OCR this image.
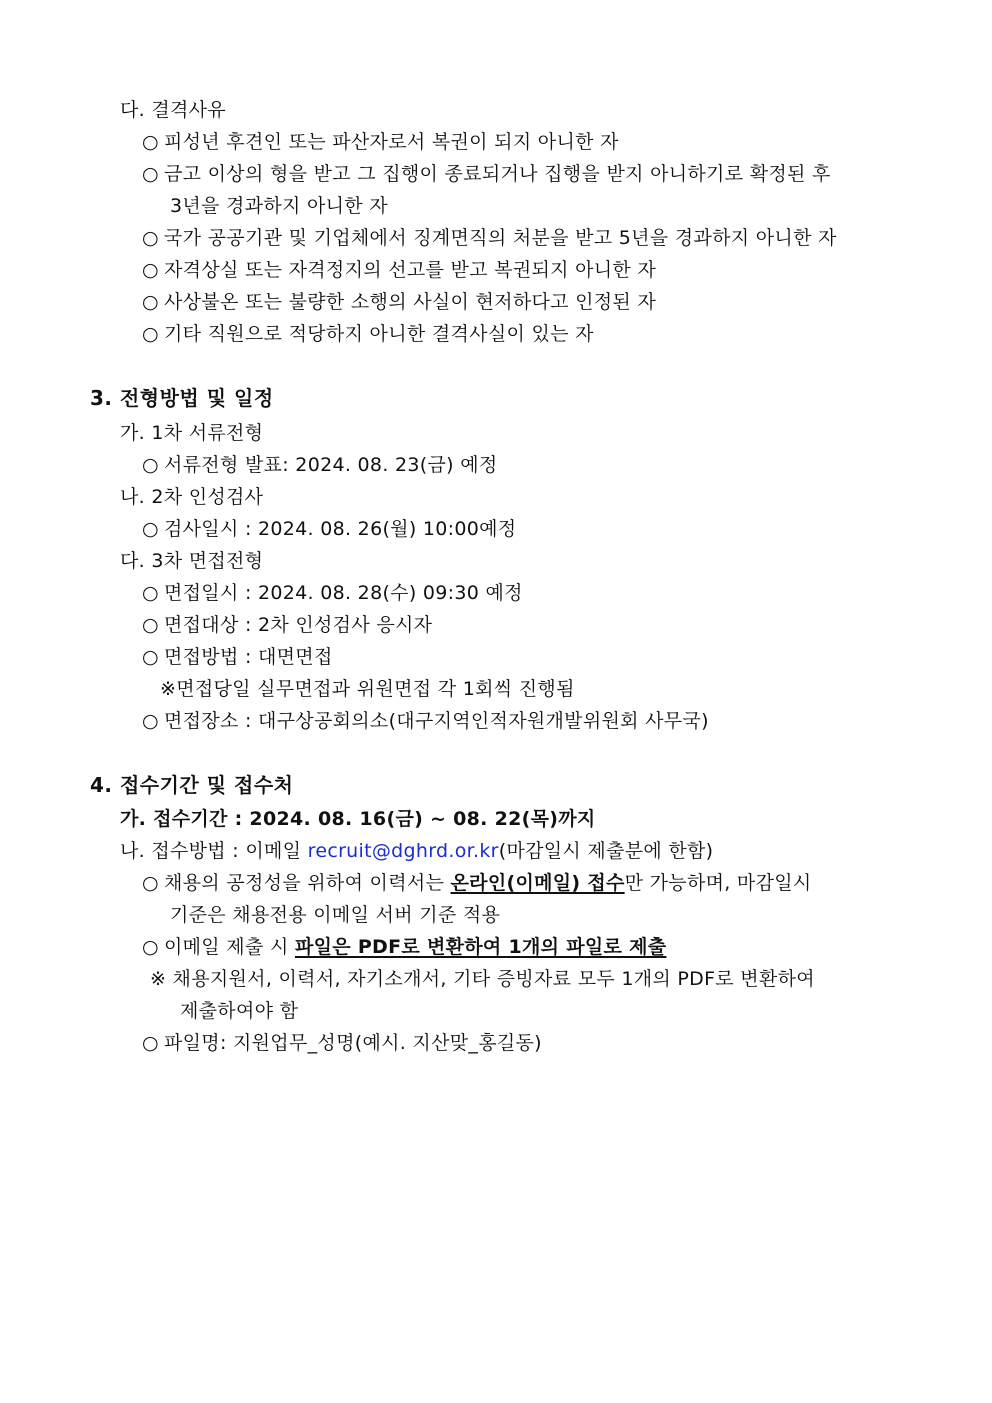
다. 결격사유
○ 피성년 후견인 또는 파산자로서 복권이 되지 아니한 자
○ 금고 이상의 형을 받고 그 집행이 종료되거나 집행을 받지 아니하기로 확정된 후
3년을 경과하지 아니한 자
○ 국가 공공기관 및 기업체에서 징계면직의 처분을 받고 5년을 경과하지 아니한 자
○ 자격상실 또는 자격정지의 선고를 받고 복권되지 아니한 자
○ 사상불온 또는 불량한 소행의 사실이 현저하다고 인정된 자
○ 기타 직원으로 적당하지 아니한 결격사실이 있는 자
3. 전형방법 및 일정
가. 1차 서류전형
○ 서류전형 발표: 2024. 08. 23(금) 예정
나. 2차 인성검사
○ 검사일시 : 2024. 08. 26(월) 10:00예정
다. 3차 면접전형
○ 면접일시 : 2024. 08. 28(수) 09:30 예정
○ 면접대상 : 2차 인성검사 응시자
○ 면접방법 : 대면면접
※면접당일 실무면접과 위원면접 각 1회씩 진행됨
○ 면접장소 : 대구상공회의소(대구지역인적자원개발위원회 사무국)
4. 접수기간 및 접수처
가. 접수기간 : 2024. 08. 16(금) ~ 08. 22(목)까지
나. 접수방법 : 이메일 recruit@dghrd.or.kr(마감일시 제출분에 한함)
○ 채용의 공정성을 위하여 이력서는 온라인(이메일) 접수만 가능하며, 마감일시
기준은 채용전용 이메일 서버 기준 적용
○ 이메일 제출 시 파일은 PDF로 변환하여 1개의 파일로 제출
※ 채용지원서, 이력서, 자기소개서, 기타 증빙자료 모두 1개의 PDF로 변환하여
제출하여야 함
○ 파일명: 지원업무_성명(예시. 지산맞_홍길동)
